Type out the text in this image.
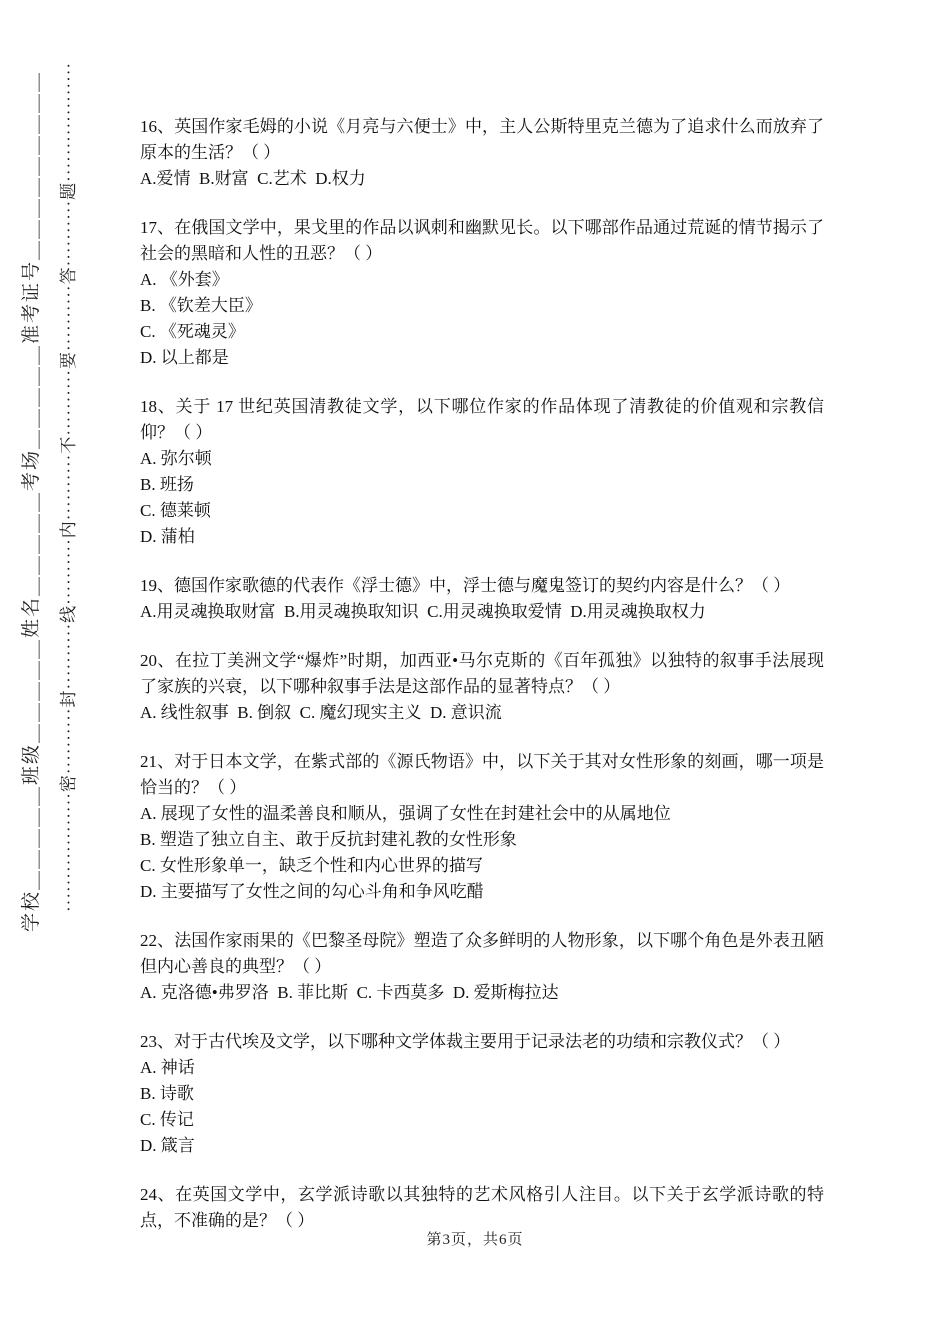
学校＿＿＿＿＿班级＿＿＿＿＿姓名＿＿＿＿＿考场＿＿＿＿＿准考证号＿＿＿＿＿＿＿＿＿	··················密··········封··········线··········内··········不··········要··········答··········题··················	16、英国作家毛姆的小说《月亮与六便士》中，主人公斯特里克兰德为了追求什么而放弃了原本的生活？（ ）
A.爱情  B.财富  C.艺术  D.权力
17、在俄国文学中，果戈里的作品以讽刺和幽默见长。以下哪部作品通过荒诞的情节揭示了社会的黑暗和人性的丑恶？（ ）
A. 《外套》
B. 《钦差大臣》
C. 《死魂灵》
D. 以上都是
18、关于 17 世纪英国清教徒文学，以下哪位作家的作品体现了清教徒的价值观和宗教信仰？（ ）
A. 弥尔顿
B. 班扬
C. 德莱顿
D. 蒲柏
19、德国作家歌德的代表作《浮士德》中，浮士德与魔鬼签订的契约内容是什么？（ ）
A.用灵魂换取财富  B.用灵魂换取知识  C.用灵魂换取爱情  D.用灵魂换取权力
20、在拉丁美洲文学“爆炸”时期，加西亚•马尔克斯的《百年孤独》以独特的叙事手法展现了家族的兴衰，以下哪种叙事手法是这部作品的显著特点？（ ）
A. 线性叙事  B. 倒叙  C. 魔幻现实主义  D. 意识流
21、对于日本文学，在紫式部的《源氏物语》中，以下关于其对女性形象的刻画，哪一项是恰当的？（ ）
A. 展现了女性的温柔善良和顺从，强调了女性在封建社会中的从属地位
B. 塑造了独立自主、敢于反抗封建礼教的女性形象
C. 女性形象单一，缺乏个性和内心世界的描写
D. 主要描写了女性之间的勾心斗角和争风吃醋
22、法国作家雨果的《巴黎圣母院》塑造了众多鲜明的人物形象，以下哪个角色是外表丑陋但内心善良的典型？（ ）
A. 克洛德•弗罗洛  B. 菲比斯  C. 卡西莫多  D. 爱斯梅拉达
23、对于古代埃及文学，以下哪种文学体裁主要用于记录法老的功绩和宗教仪式？（ ）
A. 神话
B. 诗歌
C. 传记
D. 箴言
24、在英国文学中，玄学派诗歌以其独特的艺术风格引人注目。以下关于玄学派诗歌的特点，不准确的是？（ ）
第3页，共6页
